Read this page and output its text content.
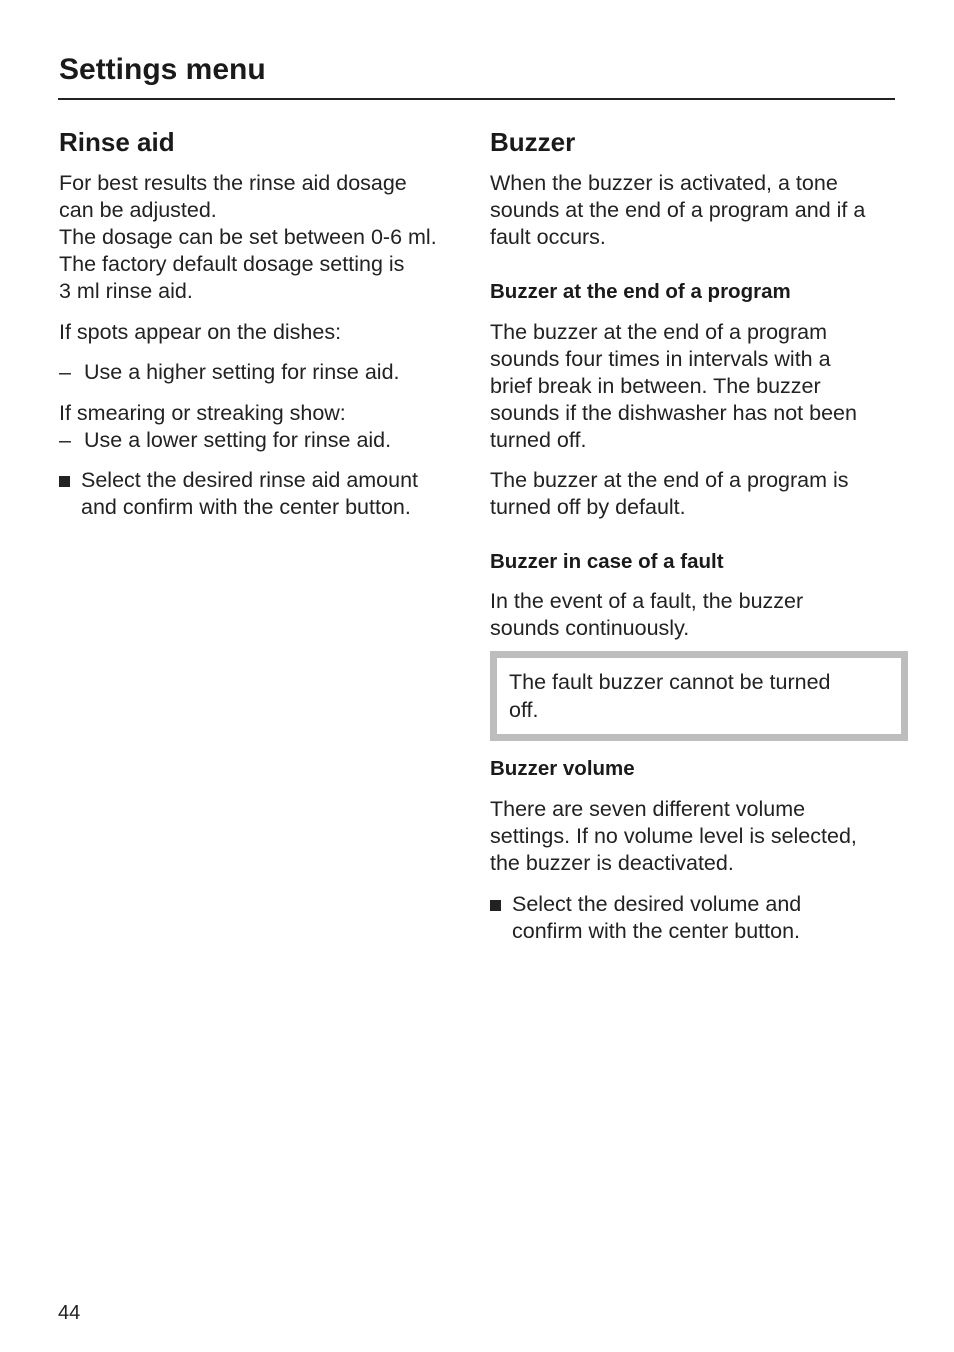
Settings menu
Rinse aid

For best results the rinse aid dosage
can be adjusted.
The dosage can be set between 0-6 ml.
The factory default dosage setting is
3 ml rinse aid.

If spots appear on the dishes:

– Use a higher setting for rinse aid.

If smearing or streaking show:

– Use a lower setting for rinse aid.
Select the desired rinse aid amount
and confirm with the center button.
Buzzer

When the buzzer is activated, a tone
sounds at the end of a program and if a
fault occurs.

Buzzer at the end of a program

The buzzer at the end of a program
sounds four times in intervals with a
brief break in between. The buzzer
sounds if the dishwasher has not been
turned off.

The buzzer at the end of a program is
turned off by default.

Buzzer in case of a fault

In the event of a fault, the buzzer
sounds continuously.

The fault buzzer cannot be turned
off.
Buzzer volume

There are seven different volume
settings. If no volume level is selected,
the buzzer is deactivated.

Select the desired volume and
confirm with the center button.
44
